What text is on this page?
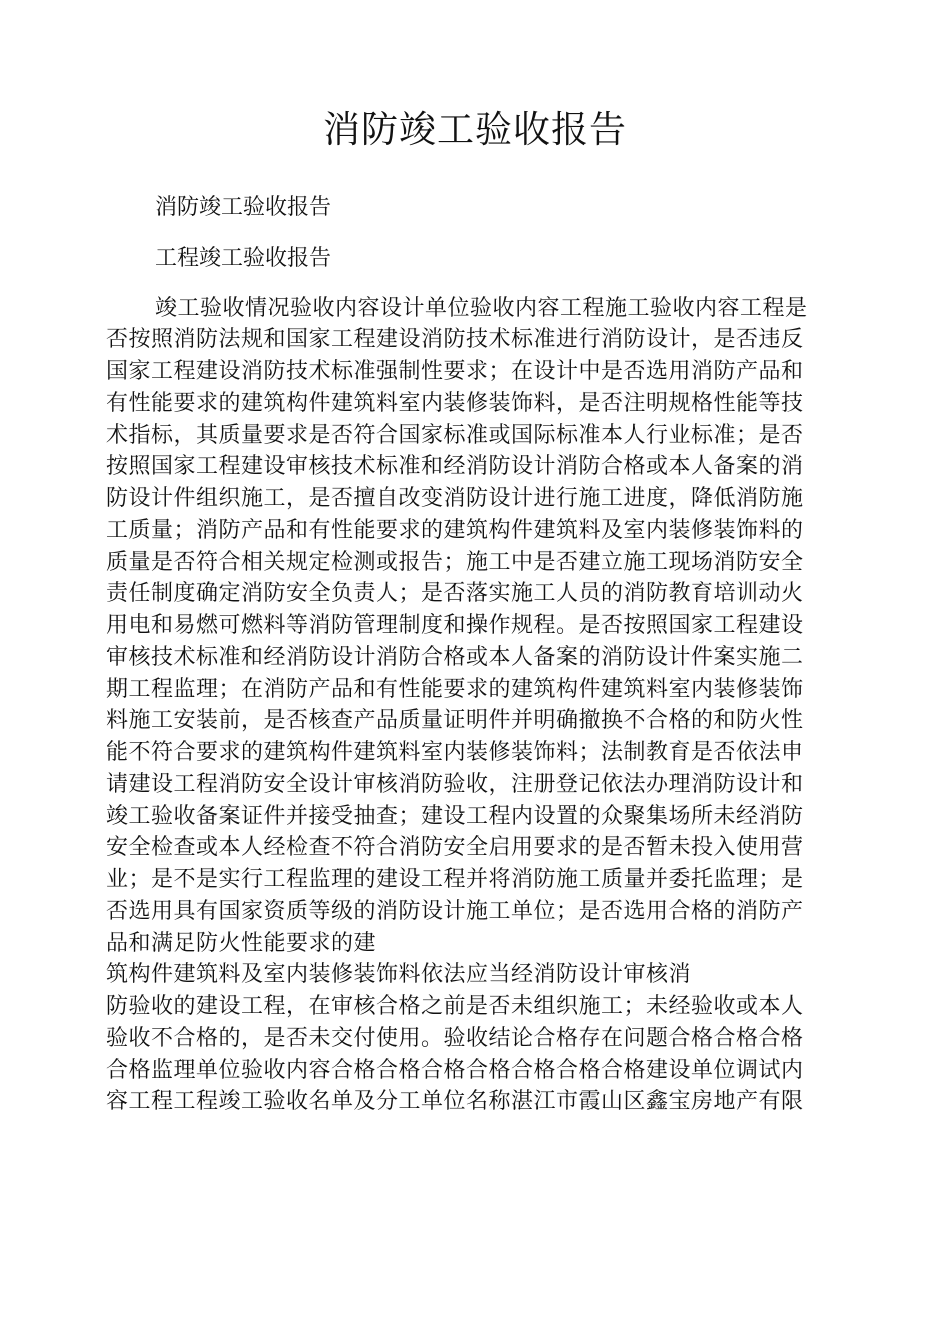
消防竣工验收报告

消防竣工验收报告

工程竣工验收报告

竣工验收情况验收内容设计单位验收内容工程施工验收内容工程是

否按照消防法规和国家工程建设消防技术标准进行消防设计，是否违反

国家工程建设消防技术标准强制性要求；在设计中是否选用消防产品和

有性能要求的建筑构件建筑料室内装修装饰料，是否注明规格性能等技

术指标，其质量要求是否符合国家标准或国际标准本人行业标准；是否

按照国家工程建设审核技术标准和经消防设计消防合格或本人备案的消

防设计件组织施工，是否擅自改变消防设计进行施工进度，降低消防施

工质量；消防产品和有性能要求的建筑构件建筑料及室内装修装饰料的

质量是否符合相关规定检测或报告；施工中是否建立施工现场消防安全

责任制度确定消防安全负责人；是否落实施工人员的消防教育培训动火

用电和易燃可燃料等消防管理制度和操作规程。是否按照国家工程建设

审核技术标准和经消防设计消防合格或本人备案的消防设计件案实施二

期工程监理；在消防产品和有性能要求的建筑构件建筑料室内装修装饰

料施工安装前，是否核查产品质量证明件并明确撤换不合格的和防火性

能不符合要求的建筑构件建筑料室内装修装饰料；法制教育是否依法申

请建设工程消防安全设计审核消防验收，注册登记依法办理消防设计和

竣工验收备案证件并接受抽查；建设工程内设置的众聚集场所未经消防

安全检查或本人经检查不符合消防安全启用要求的是否暂未投入使用营

业；是不是实行工程监理的建设工程并将消防施工质量并委托监理；是

否选用具有国家资质等级的消防设计施工单位；是否选用合格的消防产

品和满足防火性能要求的建

筑构件建筑料及室内装修装饰料依法应当经消防设计审核消

防验收的建设工程，在审核合格之前是否未组织施工；未经验收或本人

验收不合格的，是否未交付使用。验收结论合格存在问题合格合格合格

合格监理单位验收内容合格合格合格合格合格合格合格建设单位调试内

容工程工程竣工验收名单及分工单位名称湛江市霞山区鑫宝房地产有限
